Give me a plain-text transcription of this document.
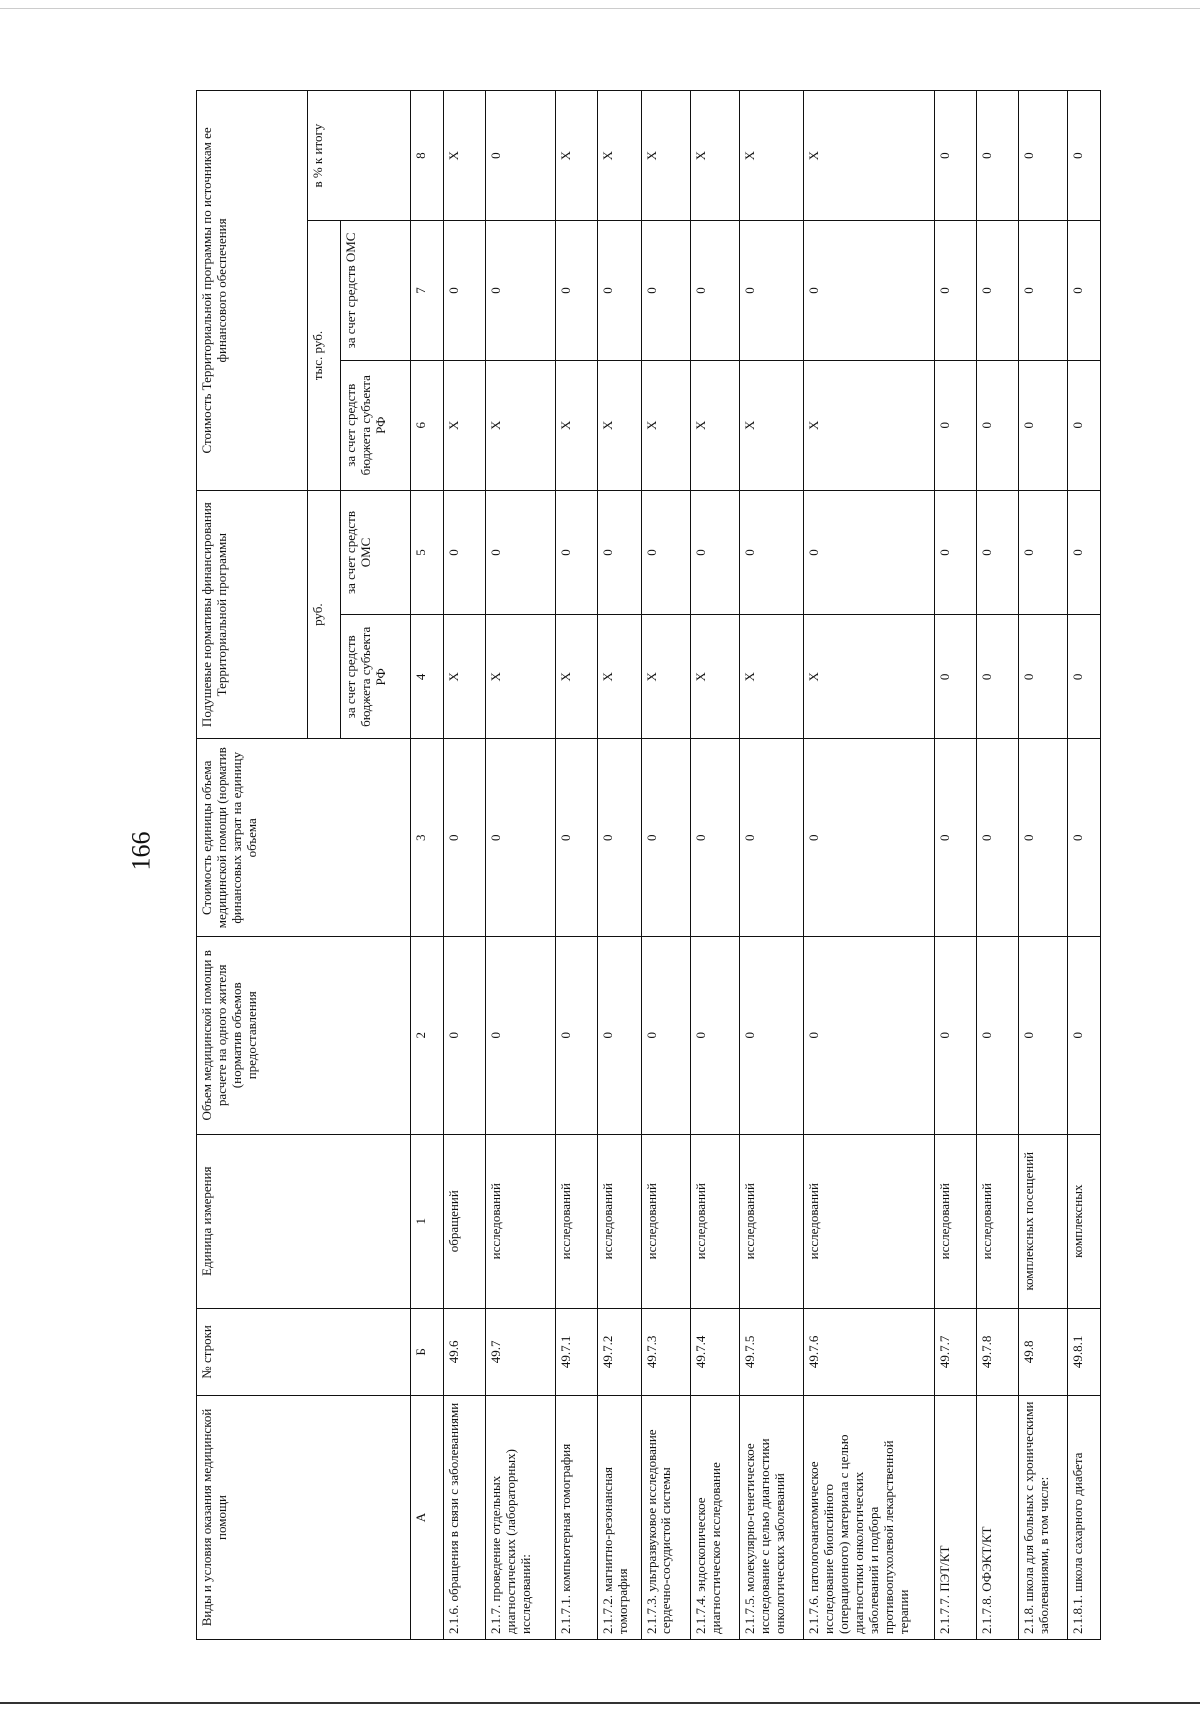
166
Виды и условия оказания медицинской помощи	№ строки	Единица измерения	Объем медицинской помощи в расчете на одного жителя (норматив объемов предоставления	Стоимость единицы объема медицинской помощи (норматив финансовых затрат на единицу объема	Подушевые нормативы финансирования Территориальной программы		Стоимость Территориальной программы по источникам ее финансового обеспечения		
					руб.		тыс. руб.		в % к итогу
					за счет средств бюджета субъекта РФ	за счет средств ОМС	за счет средств бюджета субъекта РФ	за счет средств ОМС	
А	Б	1	2	3	4	5	6	7	8
2.1.6. обращения в связи с заболеваниями	49.6	обращений	0	0	Х	0	Х	0	Х
2.1.7. проведение отдельных диагностических (лабораторных) исследований:	49.7	исследований	0	0	Х	0	Х	0	0
2.1.7.1. компьютерная томография	49.7.1	исследований	0	0	Х	0	Х	0	Х
2.1.7.2. магнитно-резонансная томография	49.7.2	исследований	0	0	Х	0	Х	0	Х
2.1.7.3. ультразвуковое исследование сердечно-сосудистой системы	49.7.3	исследований	0	0	Х	0	Х	0	Х
2.1.7.4. эндоскопическое диагностическое исследование	49.7.4	исследований	0	0	Х	0	Х	0	Х
2.1.7.5. молекулярно-генетическое исследование с целью диагностики онкологических заболеваний	49.7.5	исследований	0	0	Х	0	Х	0	Х
2.1.7.6. патологоанатомическое исследование биопсийного (операционного) материала с целью диагностики онкологических заболеваний и подбора противоопухолевой лекарственной терапии	49.7.6	исследований	0	0	Х	0	Х	0	Х
2.1.7.7. ПЭТ/КТ	49.7.7	исследований	0	0	0	0	0	0	0
2.1.7.8. ОФЭКТ/КТ	49.7.8	исследований	0	0	0	0	0	0	0
2.1.8. школа для больных с хроническими заболеваниями, в том числе:	49.8	комплексных посещений	0	0	0	0	0	0	0
2.1.8.1. школа сахарного диабета	49.8.1	комплексных	0	0	0	0	0	0	0
